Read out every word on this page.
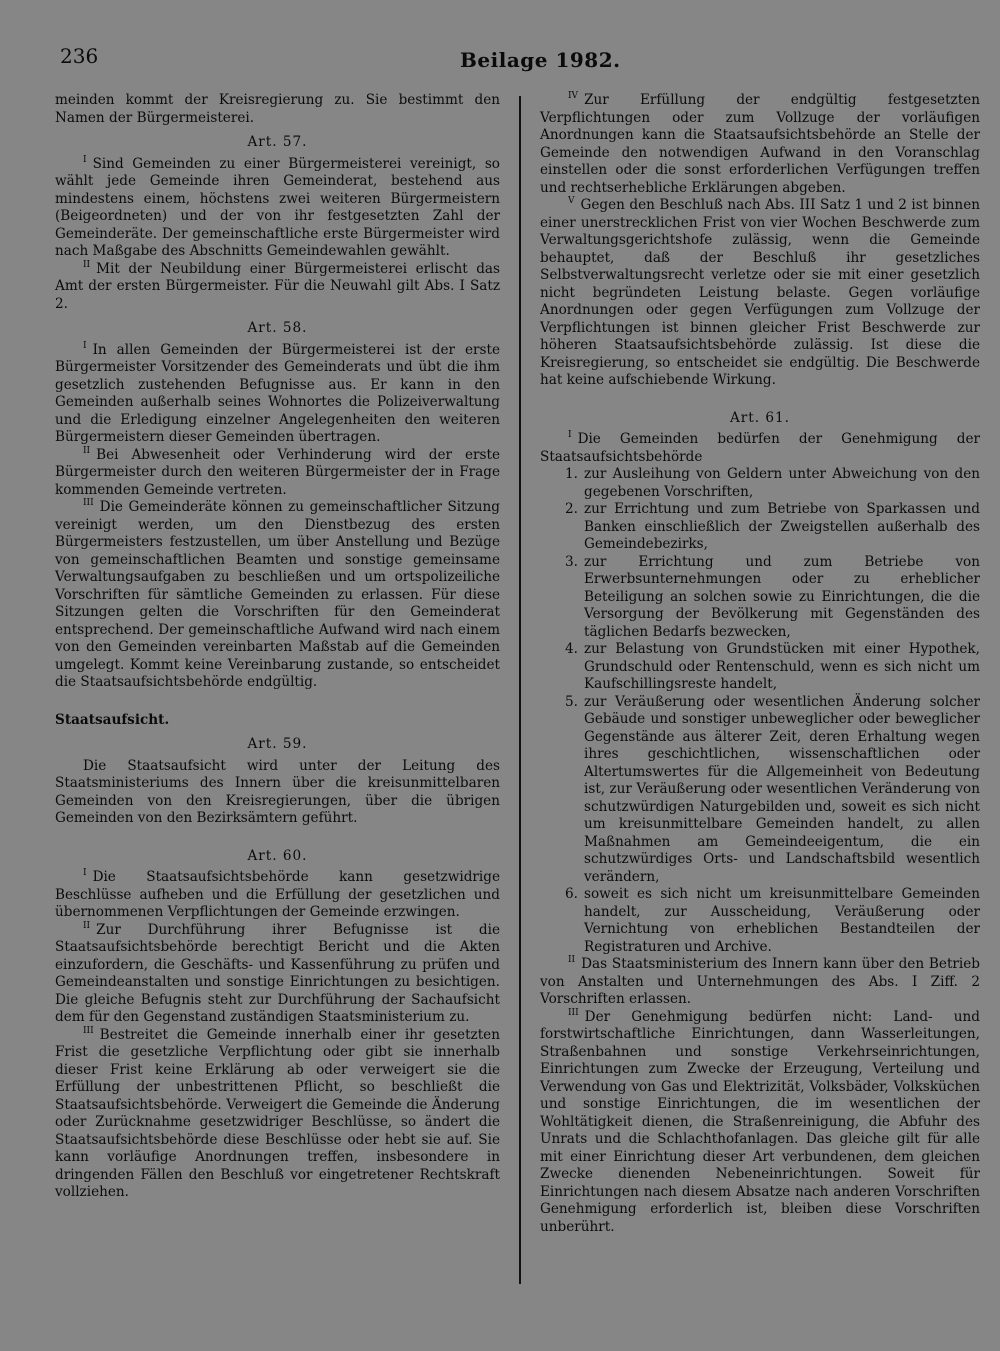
236	Beilage 1982.

meinden kommt der Kreisregierung zu. Sie bestimmt den Namen der Bürgermeisterei.

Art. 57.

$^I$ Sind Gemeinden zu einer Bürgermeisterei vereinigt, so wählt jede Gemeinde ihren Gemeinderat, bestehend aus mindestens einem, höchstens zwei weiteren Bürgermeistern (Beigeordneten) und der von ihr festgesetzten Zahl der Gemeinderäte. Der gemeinschaftliche erste Bürgermeister wird nach Maßgabe des Abschnitts Gemeindewahlen gewählt.

$^{II}$ Mit der Neubildung einer Bürgermeisterei erlischt das Amt der ersten Bürgermeister. Für die Neuwahl gilt Abs. I Satz 2.

Art. 58.

$^I$ In allen Gemeinden der Bürgermeisterei ist der erste Bürgermeister Vorsitzender des Gemeinderats und übt die ihm gesetzlich zustehenden Befugnisse aus. Er kann in den Gemeinden außerhalb seines Wohnortes die Polizeiverwaltung und die Erledigung einzelner Angelegenheiten den weiteren Bürgermeistern dieser Gemeinden übertragen.

$^{II}$ Bei Abwesenheit oder Verhinderung wird der erste Bürgermeister durch den weiteren Bürgermeister der in Frage kommenden Gemeinde vertreten.

$^{III}$ Die Gemeinderäte können zu gemeinschaftlicher Sitzung vereinigt werden, um den Dienstbezug des ersten Bürgermeisters festzustellen, um über Anstellung und Bezüge von gemeinschaftlichen Beamten und sonstige gemeinsame Verwaltungsaufgaben zu beschließen und um ortspolizeiliche Vorschriften für sämtliche Gemeinden zu erlassen. Für diese Sitzungen gelten die Vorschriften für den Gemeinderat entsprechend. Der gemeinschaftliche Aufwand wird nach einem von den Gemeinden vereinbarten Maßstab auf die Gemeinden umgelegt. Kommt keine Vereinbarung zustande, so entscheidet die Staatsaufsichtsbehörde endgültig.

Staatsaufsicht.
Art. 59.

Die Staatsaufsicht wird unter der Leitung des Staatsministeriums des Innern über die kreisunmittelbaren Gemeinden von den Kreisregierungen, über die übrigen Gemeinden von den Bezirksämtern geführt.

Art. 60.

$^I$ Die Staatsaufsichtsbehörde kann gesetzwidrige Beschlüsse aufheben und die Erfüllung der gesetzlichen und übernommenen Verpflichtungen der Gemeinde erzwingen.

$^{II}$ Zur Durchführung ihrer Befugnisse ist die Staatsaufsichtsbehörde berechtigt Bericht und die Akten einzufordern, die Geschäfts- und Kassenführung zu prüfen und Gemeindeanstalten und sonstige Einrichtungen zu besichtigen. Die gleiche Befugnis steht zur Durchführung der Sachaufsicht dem für den Gegenstand zuständigen Staatsministerium zu.

$^{III}$ Bestreitet die Gemeinde innerhalb einer ihr gesetzten Frist die gesetzliche Verpflichtung oder gibt sie innerhalb dieser Frist keine Erklärung ab oder verweigert sie die Erfüllung der unbestrittenen Pflicht, so beschließt die Staatsaufsichtsbehörde. Verweigert die Gemeinde die Änderung oder Zurücknahme gesetzwidriger Beschlüsse, so ändert die Staatsaufsichtsbehörde diese Beschlüsse oder hebt sie auf. Sie kann vorläufige Anordnungen treffen, insbesondere in dringenden Fällen den Beschluß vor eingetretener Rechtskraft vollziehen.

$^{IV}$ Zur Erfüllung der endgültig festgesetzten Verpflichtungen oder zum Vollzuge der vorläufigen Anordnungen kann die Staatsaufsichtsbehörde an Stelle der Gemeinde den notwendigen Aufwand in den Voranschlag einstellen oder die sonst erforderlichen Verfügungen treffen und rechtserhebliche Erklärungen abgeben.

$^V$ Gegen den Beschluß nach Abs. III Satz 1 und 2 ist binnen einer unerstrecklichen Frist von vier Wochen Beschwerde zum Verwaltungsgerichtshofe zulässig, wenn die Gemeinde behauptet, daß der Beschluß ihr gesetzliches Selbstverwaltungsrecht verletze oder sie mit einer gesetzlich nicht begründeten Leistung belaste. Gegen vorläufige Anordnungen oder gegen Verfügungen zum Vollzuge der Verpflichtungen ist binnen gleicher Frist Beschwerde zur höheren Staatsaufsichtsbehörde zulässig. Ist diese die Kreisregierung, so entscheidet sie endgültig. Die Beschwerde hat keine aufschiebende Wirkung.

Art. 61.

$^I$ Die Gemeinden bedürfen der Genehmigung der Staatsaufsichtsbehörde

1. zur Ausleihung von Geldern unter Abweichung von den gegebenen Vorschriften,
2. zur Errichtung und zum Betriebe von Sparkassen und Banken einschließlich der Zweigstellen außerhalb des Gemeindebezirks,
3. zur Errichtung und zum Betriebe von Erwerbsunternehmungen oder zu erheblicher Beteiligung an solchen sowie zu Einrichtungen, die die Versorgung der Bevölkerung mit Gegenständen des täglichen Bedarfs bezwecken,
4. zur Belastung von Grundstücken mit einer Hypothek, Grundschuld oder Rentenschuld, wenn es sich nicht um Kaufschillingsreste handelt,
5. zur Veräußerung oder wesentlichen Änderung solcher Gebäude und sonstiger unbeweglicher oder beweglicher Gegenstände aus älterer Zeit, deren Erhaltung wegen ihres geschichtlichen, wissenschaftlichen oder Altertumswertes für die Allgemeinheit von Bedeutung ist, zur Veräußerung oder wesentlichen Veränderung von schutzwürdigen Naturgebilden und, soweit es sich nicht um kreisunmittelbare Gemeinden handelt, zu allen Maßnahmen am Gemeindeeigentum, die ein schutzwürdiges Orts- und Landschaftsbild wesentlich verändern,
6. soweit es sich nicht um kreisunmittelbare Gemeinden handelt, zur Ausscheidung, Veräußerung oder Vernichtung von erheblichen Bestandteilen der Registraturen und Archive.

$^{II}$ Das Staatsministerium des Innern kann über den Betrieb von Anstalten und Unternehmungen des Abs. I Ziff. 2 Vorschriften erlassen.

$^{III}$ Der Genehmigung bedürfen nicht: Land- und forstwirtschaftliche Einrichtungen, dann Wasserleitungen, Straßenbahnen und sonstige Verkehrseinrichtungen, Einrichtungen zum Zwecke der Erzeugung, Verteilung und Verwendung von Gas und Elektrizität, Volksbäder, Volksküchen und sonstige Einrichtungen, die im wesentlichen der Wohltätigkeit dienen, die Straßenreinigung, die Abfuhr des Unrats und die Schlachthofanlagen. Das gleiche gilt für alle mit einer Einrichtung dieser Art verbundenen, dem gleichen Zwecke dienenden Nebeneinrichtungen. Soweit für Einrichtungen nach diesem Absatze nach anderen Vorschriften Genehmigung erforderlich ist, bleiben diese Vorschriften unberührt.
